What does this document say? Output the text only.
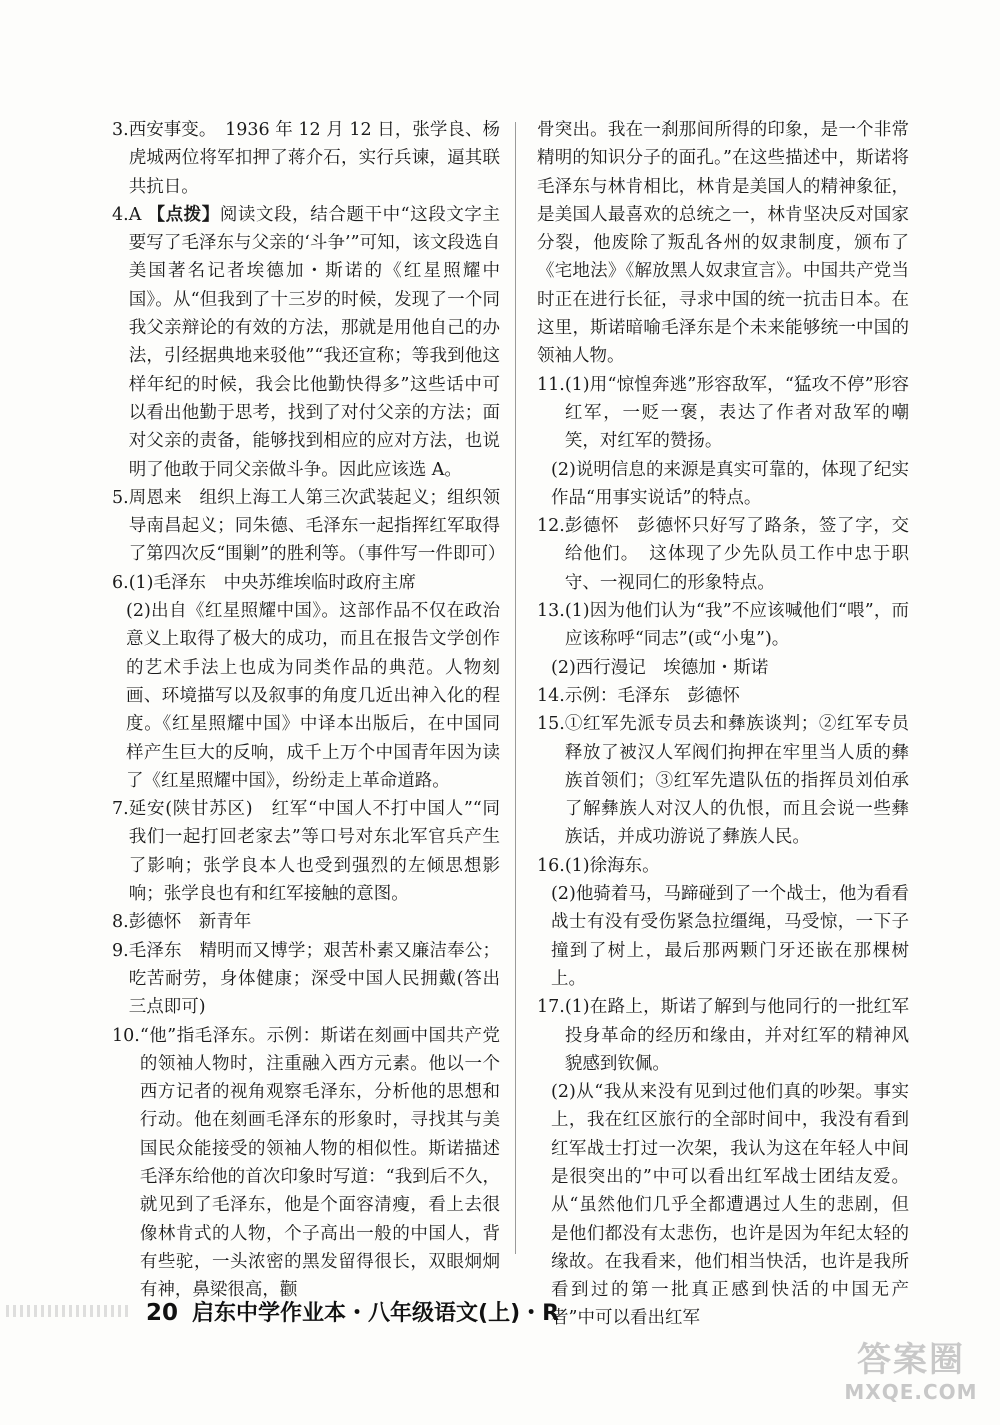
3. 西安事变。　1936 年 12 月 12 日，张学良、杨虎城两位将军扣押了蒋介石，实行兵谏，逼其联共抗日。
4. A 【点拨】阅读文段，结合题干中“这段文字主要写了毛泽东与父亲的‘斗争’”可知，该文段选自美国著名记者埃德加・斯诺的《红星照耀中国》。从“但我到了十三岁的时候，发现了一个同我父亲辩论的有效的方法，那就是用他自己的办法，引经据典地来驳他”“我还宣称；等我到他这样年纪的时候，我会比他勤快得多”这些话中可以看出他勤于思考，找到了对付父亲的方法；面对父亲的责备，能够找到相应的应对方法，也说明了他敢于同父亲做斗争。因此应该选 A。
5. 周恩来　组织上海工人第三次武装起义；组织领导南昌起义；同朱德、毛泽东一起指挥红军取得了第四次反“围剿”的胜利等。（事件写一件即可）
6. (1)毛泽东　中央苏维埃临时政府主席
(2)出自《红星照耀中国》。这部作品不仅在政治意义上取得了极大的成功，而且在报告文学创作的艺术手法上也成为同类作品的典范。人物刻画、环境描写以及叙事的角度几近出神入化的程度。《红星照耀中国》中译本出版后，在中国同样产生巨大的反响，成千上万个中国青年因为读了《红星照耀中国》，纷纷走上革命道路。
7. 延安(陕甘苏区)　红军“中国人不打中国人”“同我们一起打回老家去”等口号对东北军官兵产生了影响；张学良本人也受到强烈的左倾思想影响；张学良也有和红军接触的意图。
8. 彭德怀　新青年
9. 毛泽东　精明而又博学；艰苦朴素又廉洁奉公；吃苦耐劳，身体健康；深受中国人民拥戴(答出三点即可)
10. “他”指毛泽东。示例：斯诺在刻画中国共产党的领袖人物时，注重融入西方元素。他以一个西方记者的视角观察毛泽东，分析他的思想和行动。他在刻画毛泽东的形象时，寻找其与美国民众能接受的领袖人物的相似性。斯诺描述毛泽东给他的首次印象时写道：“我到后不久，就见到了毛泽东，他是个面容清瘦，看上去很像林肯式的人物，个子高出一般的中国人，背有些驼，一头浓密的黑发留得很长，双眼炯炯有神，鼻梁很高，颧
骨突出。我在一刹那间所得的印象，是一个非常精明的知识分子的面孔。”在这些描述中，斯诺将毛泽东与林肯相比，林肯是美国人的精神象征，是美国人最喜欢的总统之一，林肯坚决反对国家分裂，他废除了叛乱各州的奴隶制度，颁布了《宅地法》《解放黑人奴隶宣言》。中国共产党当时正在进行长征，寻求中国的统一抗击日本。在这里，斯诺暗喻毛泽东是个未来能够统一中国的领袖人物。
11. (1)用“惊惶奔逃”形容敌军，“猛攻不停”形容红军，一贬一褒，表达了作者对敌军的嘲笑，对红军的赞扬。
(2)说明信息的来源是真实可靠的，体现了纪实作品“用事实说话”的特点。
12. 彭德怀　彭德怀只好写了路条，签了字，交给他们。　这体现了少先队员工作中忠于职守、一视同仁的形象特点。
13. (1)因为他们认为“我”不应该喊他们“喂”，而应该称呼“同志”(或“小鬼”)。
(2)西行漫记　埃德加・斯诺
14. 示例：毛泽东　彭德怀
15. ①红军先派专员去和彝族谈判；②红军专员释放了被汉人军阀们拘押在牢里当人质的彝族首领们；③红军先遣队伍的指挥员刘伯承了解彝族人对汉人的仇恨，而且会说一些彝族话，并成功游说了彝族人民。
16. (1)徐海东。
(2)他骑着马，马蹄碰到了一个战士，他为看看战士有没有受伤紧急拉缰绳，马受惊，一下子撞到了树上，最后那两颗门牙还嵌在那棵树上。
17. (1)在路上，斯诺了解到与他同行的一批红军投身革命的经历和缘由，并对红军的精神风貌感到钦佩。
(2)从“我从来没有见到过他们真的吵架。事实上，我在红区旅行的全部时间中，我没有看到红军战士打过一次架，我认为这在年轻人中间是很突出的”中可以看出红军战士团结友爱。从“虽然他们几乎全都遭遇过人生的悲剧，但是他们都没有太悲伤，也许是因为年纪太轻的缘故。在我看来，他们相当快活，也许是我所看到过的第一批真正感到快活的中国无产者”中可以看出红军
20 启东中学作业本・八年级语文(上)・R
答案圈
MXQE.COM
